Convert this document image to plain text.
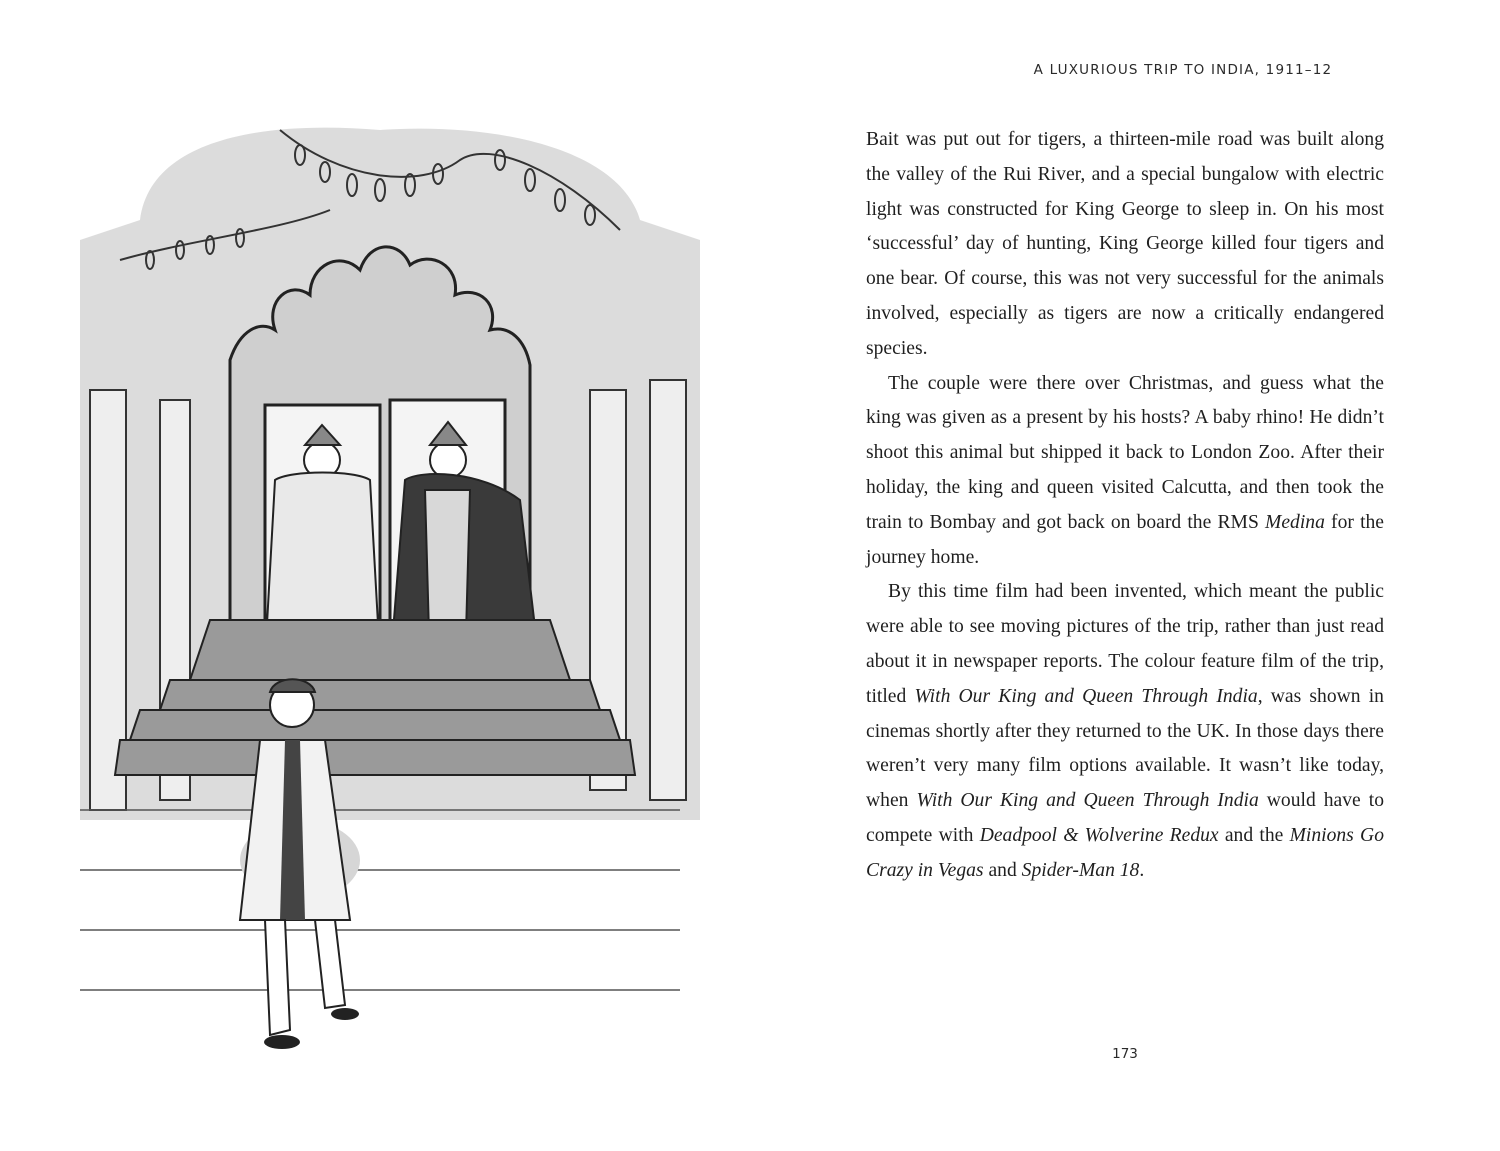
A LUXURIOUS TRIP TO INDIA, 1911–12

Bait was put out for tigers, a thirteen-mile road was built along the valley of the Rui River, and a special bungalow with electric light was constructed for King George to sleep in. On his most ‘successful’ day of hunting, King George killed four tigers and one bear. Of course, this was not very successful for the animals involved, especially as tigers are now a critically endangered species.

The couple were there over Christmas, and guess what the king was given as a present by his hosts? A baby rhino! He didn’t shoot this animal but shipped it back to London Zoo. After their holiday, the king and queen visited Calcutta, and then took the train to Bombay and got back on board the RMS Medina for the journey home.

By this time film had been invented, which meant the public were able to see moving pictures of the trip, rather than just read about it in newspaper reports. The colour feature film of the trip, titled With Our King and Queen Through India, was shown in cinemas shortly after they returned to the UK. In those days there weren’t very many film options available. It wasn’t like today, when With Our King and Queen Through India would have to compete with Deadpool & Wolverine Redux and the Minions Go Crazy in Vegas and Spider-Man 18.

173
